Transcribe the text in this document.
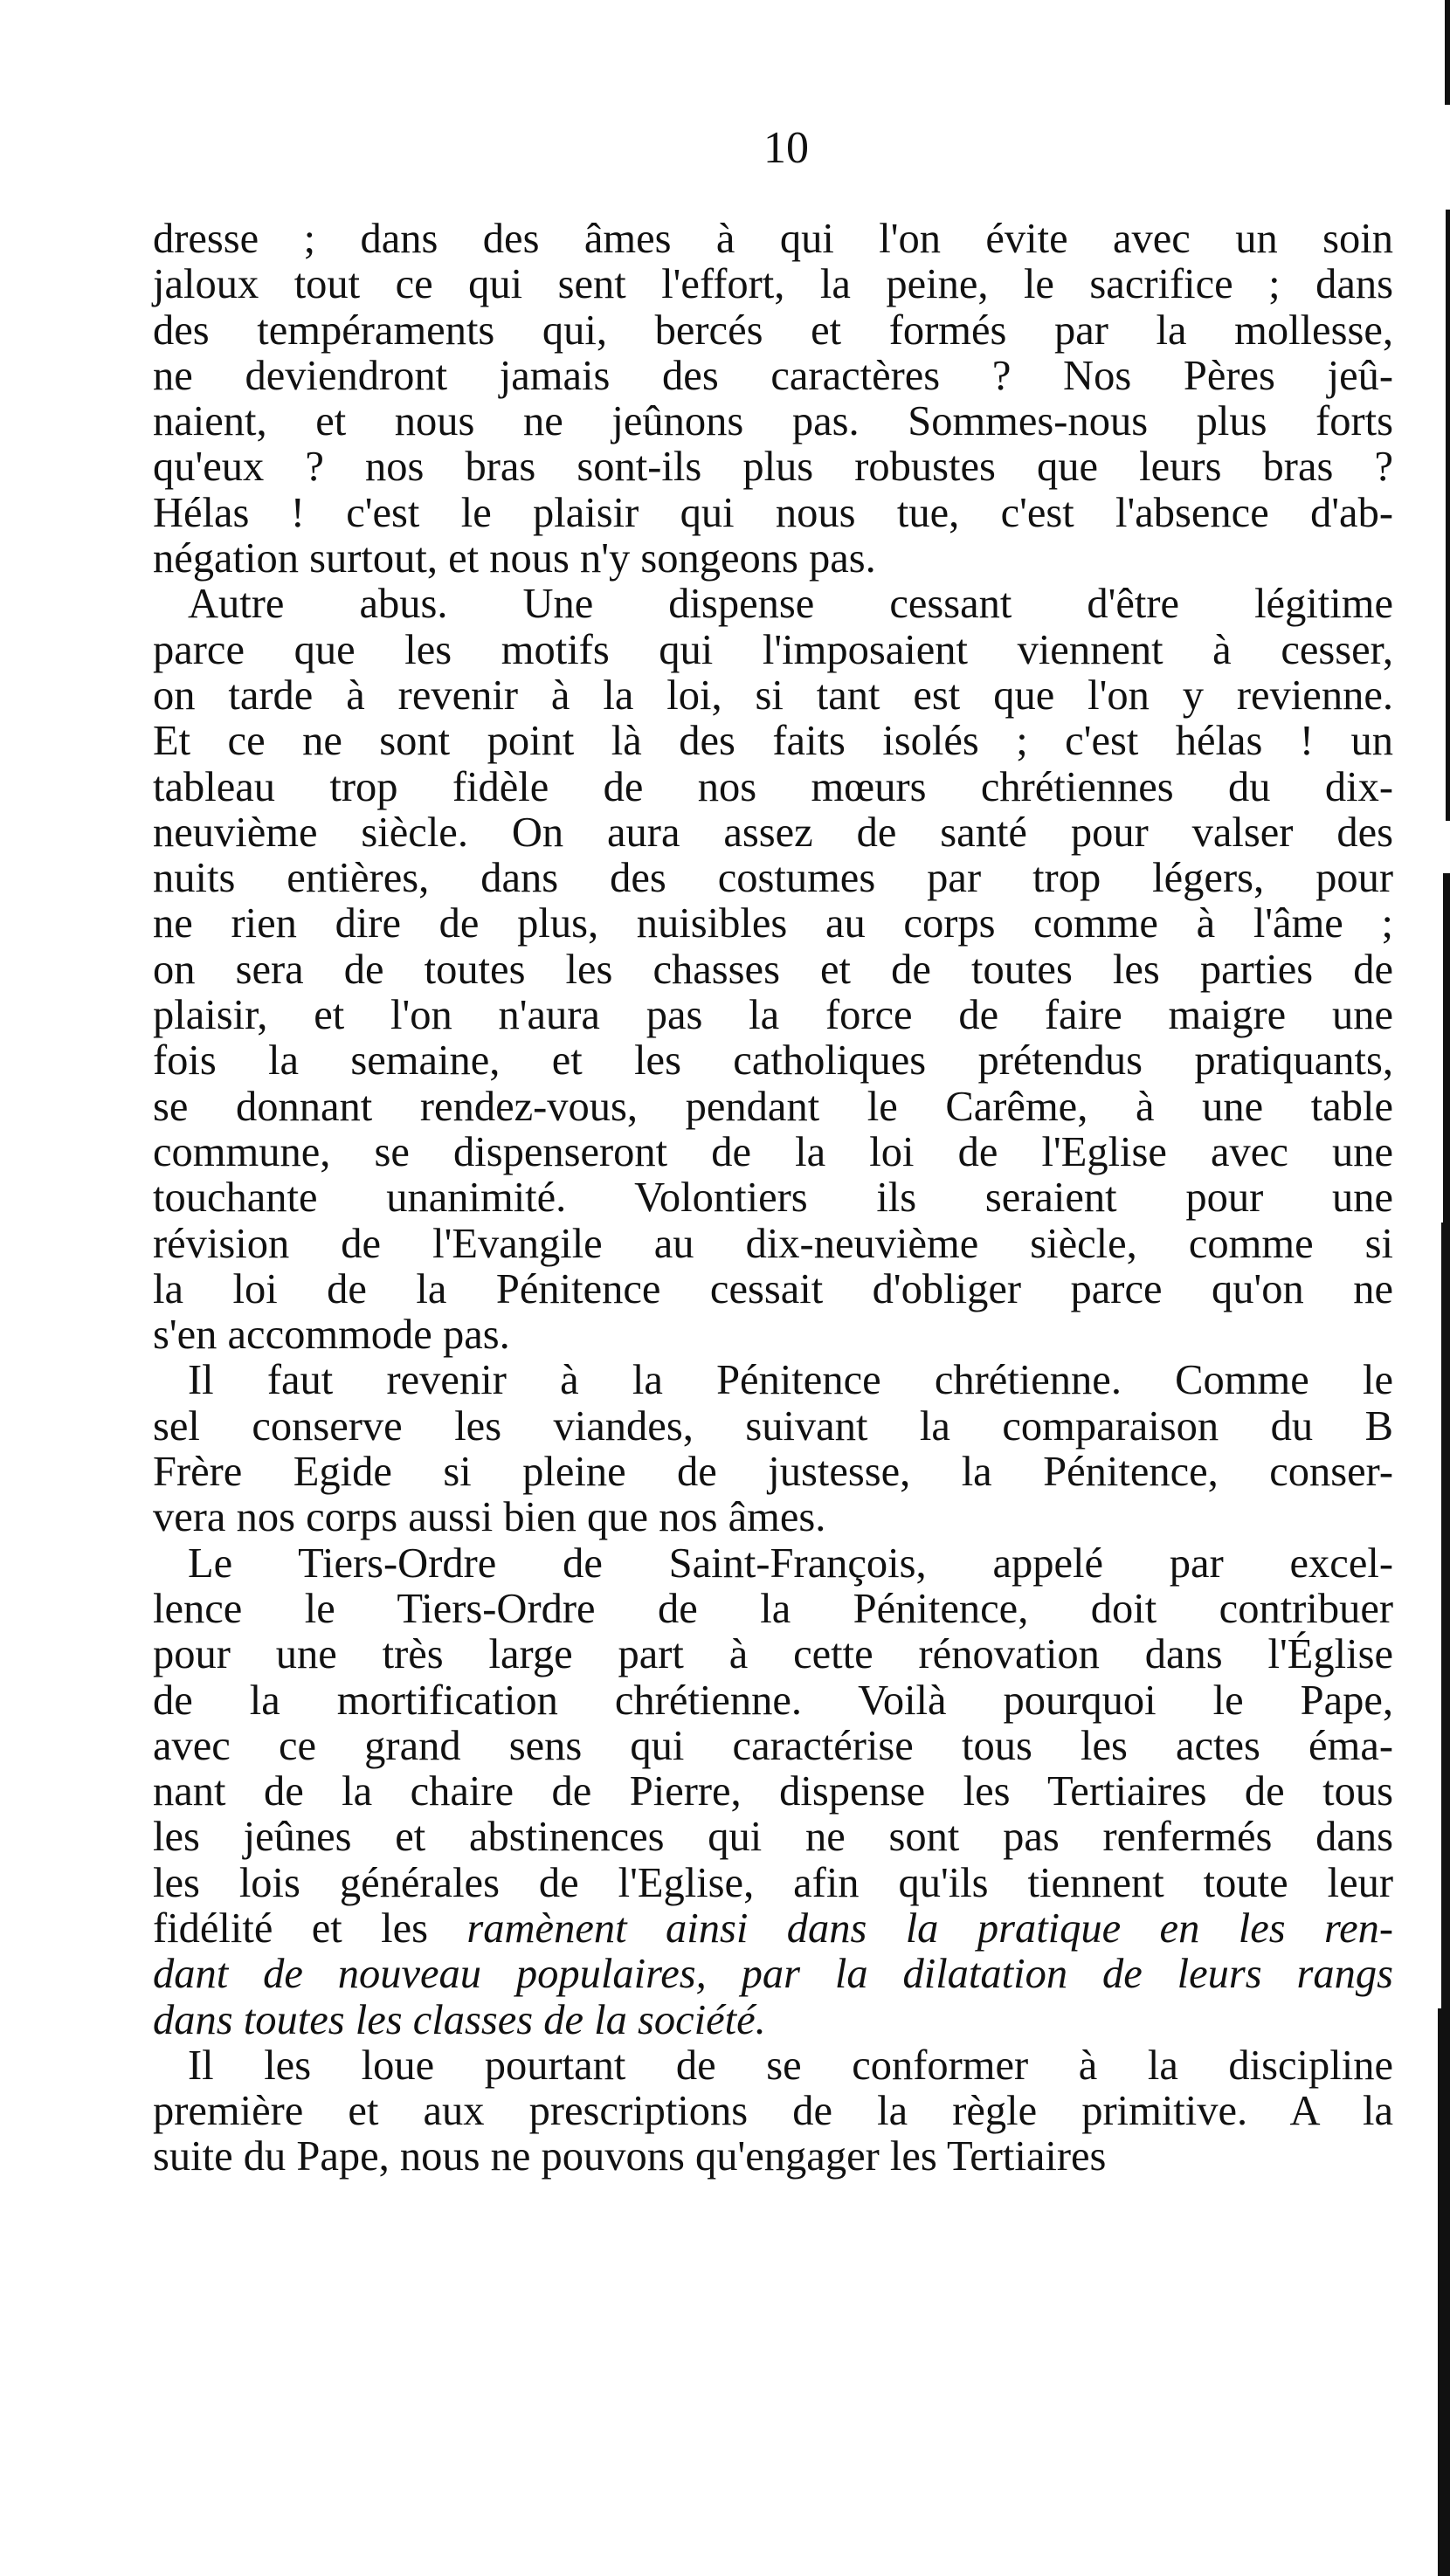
10
dresse ; dans des âmes à qui l'on évite avec un soin
jaloux tout ce qui sent l'effort, la peine, le sacrifice ; dans
des tempéraments qui, bercés et formés par la mollesse,
ne deviendront jamais des caractères ? Nos Pères jeû-
naient, et nous ne jeûnons pas. Sommes-nous plus forts
qu'eux ? nos bras sont-ils plus robustes que leurs bras ?
Hélas ! c'est le plaisir qui nous tue, c'est l'absence d'ab-
négation surtout, et nous n'y songeons pas.
Autre abus. Une dispense cessant d'être légitime
parce que les motifs qui l'imposaient viennent à cesser,
on tarde à revenir à la loi, si tant est que l'on y revienne.
Et ce ne sont point là des faits isolés ; c'est hélas ! un
tableau trop fidèle de nos mœurs chrétiennes du dix-
neuvième siècle. On aura assez de santé pour valser des
nuits entières, dans des costumes par trop légers, pour
ne rien dire de plus, nuisibles au corps comme à l'âme ;
on sera de toutes les chasses et de toutes les parties de
plaisir, et l'on n'aura pas la force de faire maigre une
fois la semaine, et les catholiques prétendus pratiquants,
se donnant rendez-vous, pendant le Carême, à une table
commune, se dispenseront de la loi de l'Eglise avec une
touchante unanimité. Volontiers ils seraient pour une
révision de l'Evangile au dix-neuvième siècle, comme si
la loi de la Pénitence cessait d'obliger parce qu'on ne
s'en accommode pas.
Il faut revenir à la Pénitence chrétienne. Comme le
sel conserve les viandes, suivant la comparaison du B
Frère Egide si pleine de justesse, la Pénitence, conser-
vera nos corps aussi bien que nos âmes.
Le Tiers-Ordre de Saint-François, appelé par excel-
lence le Tiers-Ordre de la Pénitence, doit contribuer
pour une très large part à cette rénovation dans l'Église
de la mortification chrétienne. Voilà pourquoi le Pape,
avec ce grand sens qui caractérise tous les actes éma-
nant de la chaire de Pierre, dispense les Tertiaires de tous
les jeûnes et abstinences qui ne sont pas renfermés dans
les lois générales de l'Eglise, afin qu'ils tiennent toute leur
fidélité et les ramènent ainsi dans la pratique en les ren-
dant de nouveau populaires, par la dilatation de leurs rangs
dans toutes les classes de la société.
Il les loue pourtant de se conformer à la discipline
première et aux prescriptions de la règle primitive. A la
suite du Pape, nous ne pouvons qu'engager les Tertiaires
